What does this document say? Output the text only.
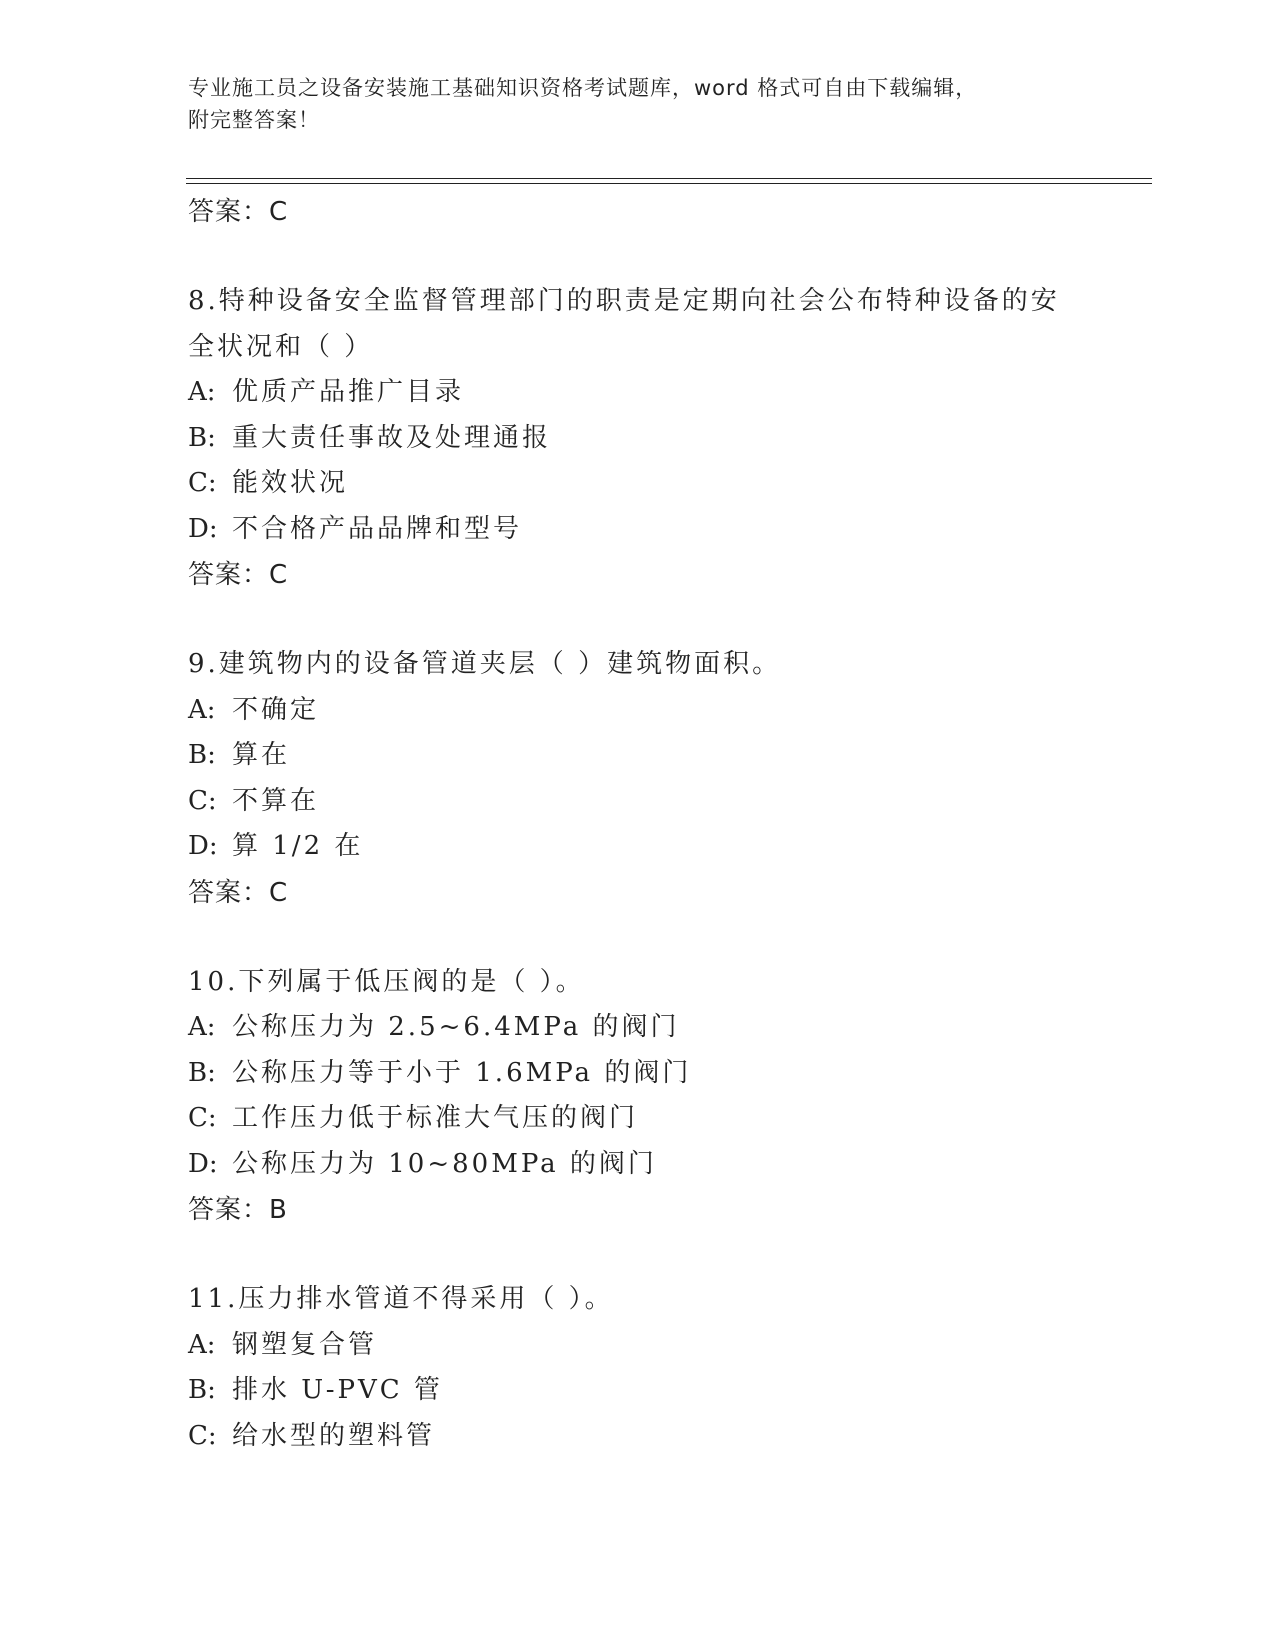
专业施工员之设备安装施工基础知识资格考试题库，word 格式可自由下载编辑，
附完整答案！
答案：C
8.特种设备安全监督管理部门的职责是定期向社会公布特种设备的安
全状况和（ ）
A: 优质产品推广目录
B: 重大责任事故及处理通报
C: 能效状况
D: 不合格产品品牌和型号
答案：C
9.建筑物内的设备管道夹层（ ）建筑物面积。
A: 不确定
B: 算在
C: 不算在
D: 算 1/2 在
答案：C
10.下列属于低压阀的是（ ）。
A: 公称压力为 2.5~6.4MPa 的阀门
B: 公称压力等于小于 1.6MPa 的阀门
C: 工作压力低于标准大气压的阀门
D: 公称压力为 10~80MPa 的阀门
答案：B
11.压力排水管道不得采用（ ）。
A: 钢塑复合管
B: 排水 U-PVC 管
C: 给水型的塑料管
